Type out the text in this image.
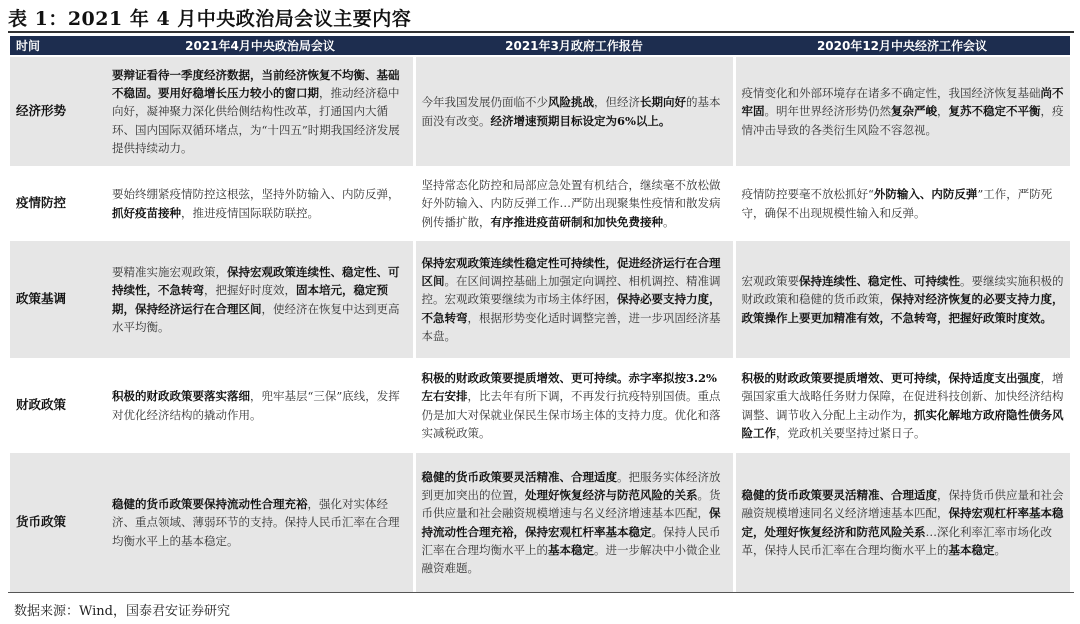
表 1：2021 年 4 月中央政治局会议主要内容
时间	2021年4月中央政治局会议	2021年3月政府工作报告	2020年12月中央经济工作会议
经济形势	要辩证看待一季度经济数据，当前经济恢复不均衡、基础不稳固。要用好稳增长压力较小的窗口期，推动经济稳中向好，凝神聚力深化供给侧结构性改革，打通国内大循环、国内国际双循环堵点，为“十四五”时期我国经济发展提供持续动力。	今年我国发展仍面临不少风险挑战，但经济长期向好的基本面没有改变。经济增速预期目标设定为6%以上。	疫情变化和外部环境存在诸多不确定性，我国经济恢复基础尚不牢固。明年世界经济形势仍然复杂严峻，复苏不稳定不平衡，疫情冲击导致的各类衍生风险不容忽视。
疫情防控	要始终绷紧疫情防控这根弦，坚持外防输入、内防反弹，抓好疫苗接种，推进疫情国际联防联控。	坚持常态化防控和局部应急处置有机结合，继续毫不放松做好外防输入、内防反弹工作…严防出现聚集性疫情和散发病例传播扩散，有序推进疫苗研制和加快免费接种。	疫情防控要毫不放松抓好“外防输入、内防反弹”工作，严防死守，确保不出现规模性输入和反弹。
政策基调	要精准实施宏观政策，保持宏观政策连续性、稳定性、可持续性，不急转弯，把握好时度效，固本培元，稳定预期，保持经济运行在合理区间，使经济在恢复中达到更高水平均衡。	保持宏观政策连续性稳定性可持续性，促进经济运行在合理区间。在区间调控基础上加强定向调控、相机调控、精准调控。宏观政策要继续为市场主体纾困，保持必要支持力度，不急转弯，根据形势变化适时调整完善，进一步巩固经济基本盘。	宏观政策要保持连续性、稳定性、可持续性。要继续实施积极的财政政策和稳健的货币政策，保持对经济恢复的必要支持力度，政策操作上要更加精准有效，不急转弯，把握好政策时度效。
财政政策	积极的财政政策要落实落细，兜牢基层“三保”底线，发挥对优化经济结构的撬动作用。	积极的财政政策要提质增效、更可持续。赤字率拟按3.2%左右安排，比去年有所下调，不再发行抗疫特别国债。重点仍是加大对保就业保民生保市场主体的支持力度。优化和落实减税政策。	积极的财政政策要提质增效、更可持续，保持适度支出强度，增强国家重大战略任务财力保障，在促进科技创新、加快经济结构调整、调节收入分配上主动作为，抓实化解地方政府隐性债务风险工作，党政机关要坚持过紧日子。
货币政策	稳健的货币政策要保持流动性合理充裕，强化对实体经济、重点领域、薄弱环节的支持。保持人民币汇率在合理均衡水平上的基本稳定。	稳健的货币政策要灵活精准、合理适度。把服务实体经济放到更加突出的位置，处理好恢复经济与防范风险的关系。货币供应量和社会融资规模增速与名义经济增速基本匹配，保持流动性合理充裕，保持宏观杠杆率基本稳定。保持人民币汇率在合理均衡水平上的基本稳定。进一步解决中小微企业融资难题。	稳健的货币政策要灵活精准、合理适度，保持货币供应量和社会融资规模增速同名义经济增速基本匹配，保持宏观杠杆率基本稳定，处理好恢复经济和防范风险关系…深化利率汇率市场化改革，保持人民币汇率在合理均衡水平上的基本稳定。
数据来源：Wind，国泰君安证券研究
